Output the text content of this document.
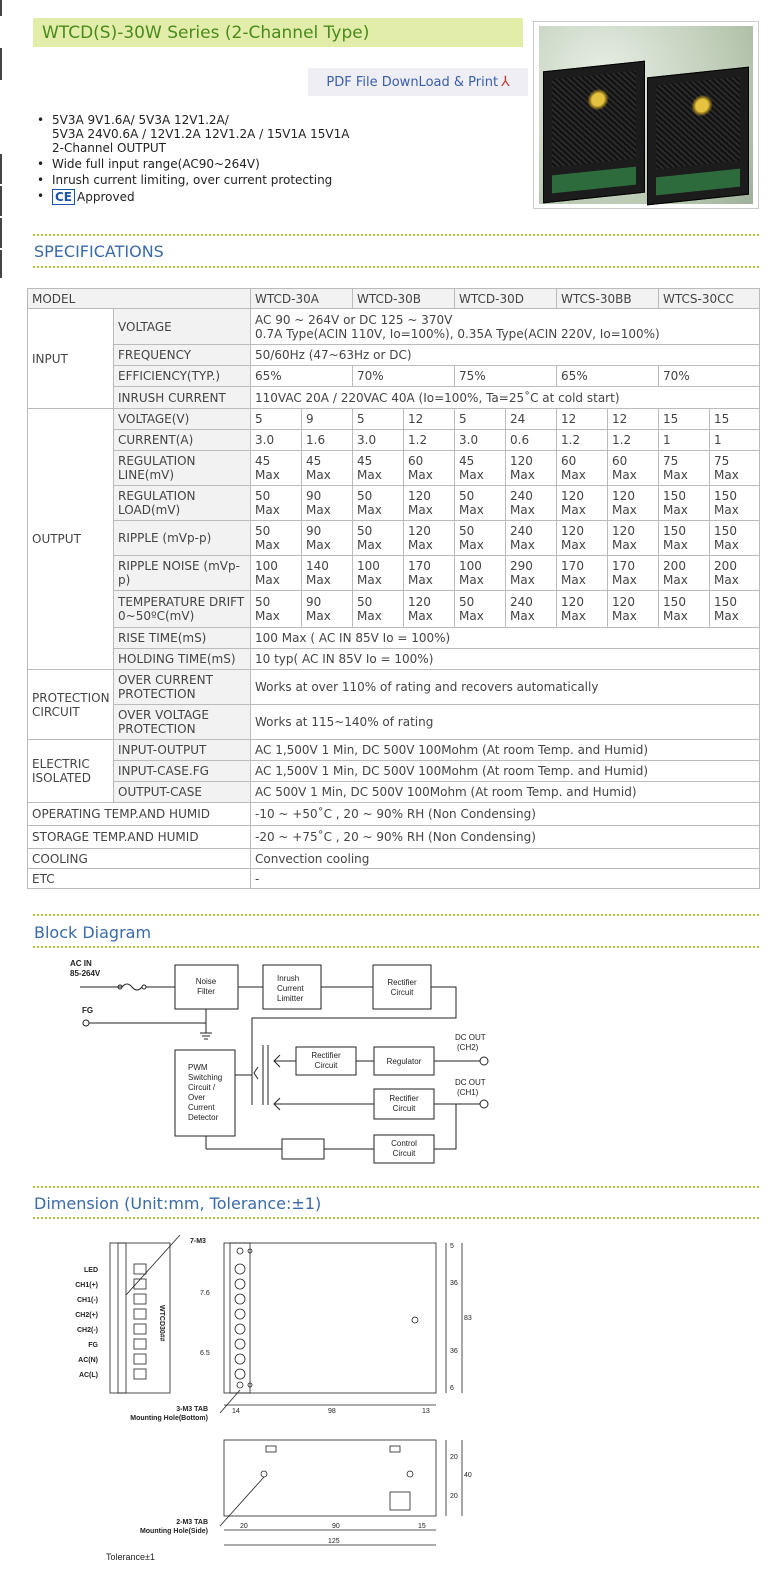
WTCD(S)-30W Series (2-Channel Type)
PDF File DownLoad & Print ⅄
• 5V3A 9V1.6A/ 5V3A 12V1.2A/
5V3A 24V0.6A / 12V1.2A 12V1.2A / 15V1A 15V1A
2-Channel OUTPUT
• Wide full input range(AC90~264V)
• Inrush current limiting, over current protecting
• CE Approved
SPECIFICATIONS
MODEL		WTCD-30A		WTCD-30B		WTCD-30D		WTCS-30BB		WTCS-30CC	
INPUT	VOLTAGE	AC 90 ~ 264V or DC 125 ~ 370V
0.7A Type(ACIN 110V, Io=100%), 0.35A Type(ACIN 220V, Io=100%)									

	FREQUENCY	50/60Hz (47~63Hz or DC)									
	EFFICIENCY(TYP.)	65%		70%		75%		65%		70%	
	INRUSH CURRENT	110VAC 20A / 220VAC 40A (Io=100%, Ta=25˚C at cold start)									
OUTPUT	VOLTAGE(V)	5	9	5	12	5	24	12	12	15	15
	CURRENT(A)	3.0	1.6	3.0	1.2	3.0	0.6	1.2	1.2	1	1
	REGULATION LINE(mV)	45 Max	45 Max	45 Max	60 Max	45 Max	120 Max	60 Max	60 Max	75 Max	75 Max
	REGULATION LOAD(mV)	50 Max	90 Max	50 Max	120 Max	50 Max	240 Max	120 Max	120 Max	150 Max	150 Max
	RIPPLE (mVp-p)	50 Max	90 Max	50 Max	120 Max	50 Max	240 Max	120 Max	120 Max	150 Max	150 Max
	RIPPLE NOISE (mVp-p)	100 Max	140 Max	100 Max	170 Max	100 Max	290 Max	170 Max	170 Max	200 Max	200 Max
	TEMPERATURE DRIFT 0~50ºC(mV)	50 Max	90 Max	50 Max	120 Max	50 Max	240 Max	120 Max	120 Max	150 Max	150 Max
	RISE TIME(mS)	100 Max ( AC IN 85V Io = 100%)									
	HOLDING TIME(mS)	10 typ( AC IN 85V Io = 100%)									
PROTECTION CIRCUIT	OVER CURRENT PROTECTION	Works at over 110% of rating and recovers automatically									
	OVER VOLTAGE PROTECTION	Works at 115~140% of rating									
ELECTRIC ISOLATED	INPUT-OUTPUT	AC 1,500V 1 Min, DC 500V 100Mohm (At room Temp. and Humid)									
	INPUT-CASE.FG	AC 1,500V 1 Min, DC 500V 100Mohm (At room Temp. and Humid)									
	OUTPUT-CASE	AC 500V 1 Min, DC 500V 100Mohm (At room Temp. and Humid)									
OPERATING TEMP.AND HUMID		-10 ~ +50˚C , 20 ~ 90% RH (Non Condensing)									
STORAGE TEMP.AND HUMID		-20 ~ +75˚C , 20 ~ 90% RH (Non Condensing)									
COOLING		Convection cooling									
ETC		-									
Block Diagram
AC IN
85-264V
FG
Noise
Filter
Inrush
Current
Limitter
Rectifier
Circuit
PWM
Switching
Circuit /
Over
Current
Detector
Rectifier
Circuit	Regulator
Rectifier
Circuit
Control
Circuit
DC OUT
(CH2)
DC OUT
(CH1)
Dimension (Unit:mm, Tolerance:±1)
LED
CH1(+)
CH1(-)
CH2(+)
CH2(-)
FG
AC(N)
AC(L)
7-M3
WTCD30##
5
36
83
36
6
7.6
6.5
14	98	13
3-M3 TAB
Mounting Hole(Bottom)
20
20
40
20	90	15
125
2-M3 TAB
Mounting Hole(Side)
Tolerance±1
